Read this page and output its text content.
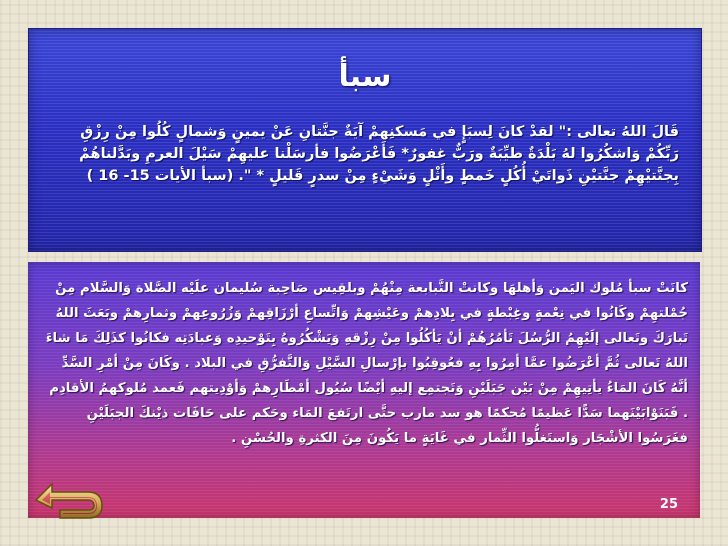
سبأ
قَالَ اللهُ تعالى :" لقدْ كانَ لِسبَإٍ في مَسكنِهمْ آيَةٌ جنَّتانِ عَنْ يمينٍ وَشمالٍ كُلُوا مِنْ رِزْقِ رَبِّكُمْ وَاشكُرُوا لهُ بَلْدَةٌ طيِّبَةٌ ورَبٌّ غفورٌ* فَأَعْرَضُوا فأرسَلْنا عليهِمْ سَيْلَ العرمِ وبَدَّلناهُمْ بِجنَّتيْهِمْ جنَّتيْنِ ذَواتَيْ أُكُلٍ خَمطٍ وأَثْلٍ وَشَيْءٍ مِنْ سدرٍ قَليلٍ * ". (سبأ الأيات 15- 16 )
كانَتْ سبأ مُلوك اليَمن وَأهلهَا وكانتْ التَّبابعة مِنْهُمْ وبلقِيس صَاحِبة سُليمان علَيْه الصَّلاة وَالسَّلام مِنْ جُمْلتهِمْ وكَانُوا في نِعْمةٍ وغِبْطةٍ في بِلادِهمْ وعَيْشِهمْ وَاتِّساعِ أرْزَاقِهمْ وَزُرُوعِهمْ وثمارِهمْ وبَعَثَ اللهُ تَبارَكَ وتَعالى إلَيْهِمُ الرُّسُلَ تَأمُرُهُمْ أنْ يَأكُلُوا مِنْ رِزْقهِ وَيَشْكُرُوهُ بِتَوْحيدِه وَعبادَتِه فكانُوا كذَلِكَ مَا شاءَ اللهُ تَعالى ثُمَّ أعْرَضُوا عمَّا أمِرُوا بِهِ فعُوقِبُوا بإرْسالِ السَّيْلِ وَالتَّفرُّقِ في البلاد . وكَانَ مِنْ أمْرِ السَّدِّ أنَّهُ كَانَ المَاءُ يأتِيهِمْ مِنْ بَيْن جَبَلَيْنِ وَتَجتمِع إليهِ أيْضًا سُيُول أمْطَارِهمْ وَأوْدِيتهم فَعمد مُلوكهمُ الأقادِم . فَبَنَوْابَيْنَهما سَدًّا عَظيمًا مُحكمًا هو سد مارب حتَّى ارتَفعَ المَاء وحَكم على حَافَات ذيْنكَ الجبَلَيْنِ فغَرَسُوا الأشْجَار وَاستَغلُّوا الثِّمار في غَايَةٍ ما يَكُونَ مِنَ الكثرةِ والحُسْنِ .
25
